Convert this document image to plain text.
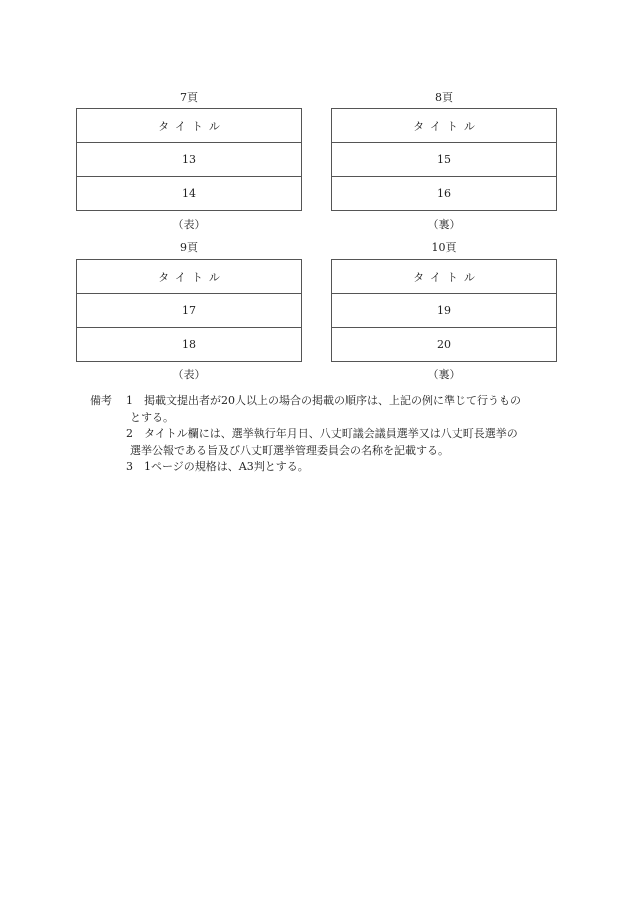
7頁
タイトル
13
14
（表）
8頁
タイトル
15
16
（裏）
9頁
タイトル
17
18
（表）
10頁
タイトル
19
20
（裏）
備考	1	掲載文提出者が20人以上の場合の掲載の順序は、上記の例に準じて行うもの
とする。
2	タイトル欄には、選挙執行年月日、八丈町議会議員選挙又は八丈町長選挙の
選挙公報である旨及び八丈町選挙管理委員会の名称を記載する。
3	1ページの規格は、A3判とする。
